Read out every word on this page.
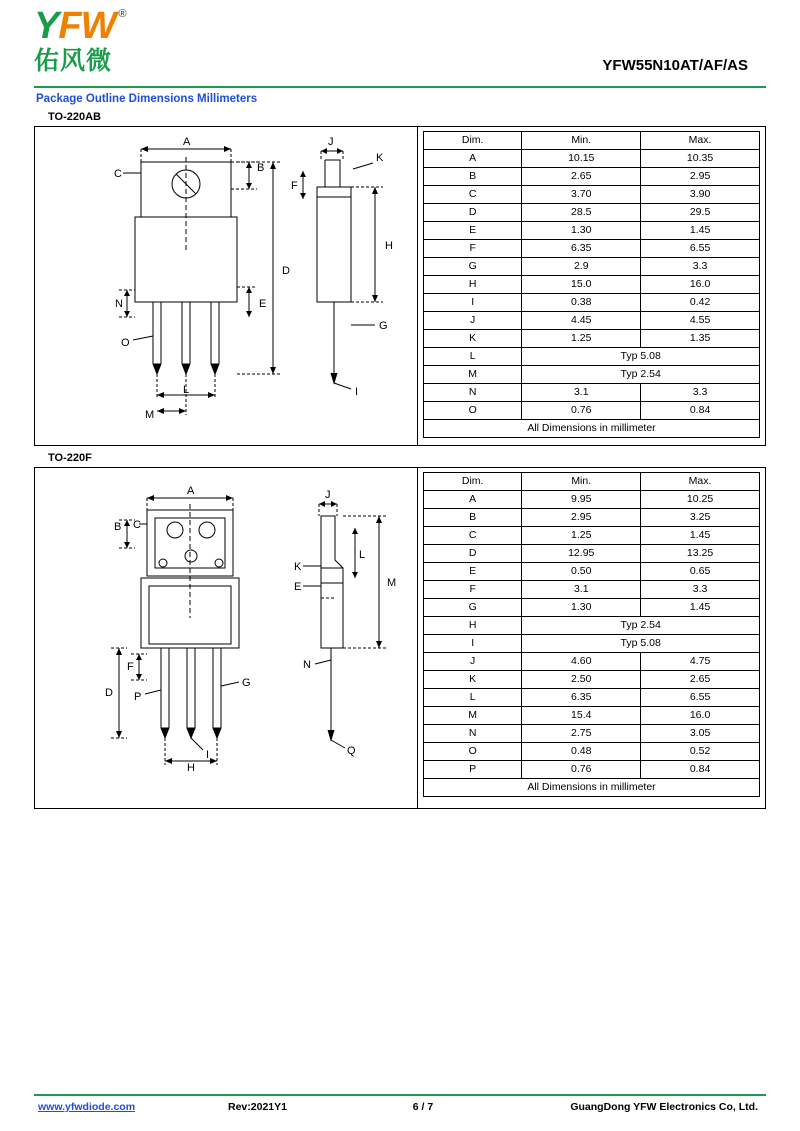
Y FW ®
佑风微	YFW55N10AT/AF/AS
Package Outline Dimensions Millimeters
TO-220AB
A
C	B
D
E
N
O
L
M
J
K
F
H
G
I
Dim.	Min.	Max.
A	10.15	10.35
B	2.65	2.95
C	3.70	3.90
D	28.5	29.5
E	1.30	1.45
F	6.35	6.55
G	2.9	3.3
H	15.0	16.0
I	0.38	0.42
J	4.45	4.55
K	1.25	1.35
L	Typ 5.08	
M	Typ 2.54	
N	3.1	3.3
O	0.76	0.84
All Dimensions in millimeter		
TO-220F
A
B C
D
F
P
G
H
I
J
K
E
L
M
N
Q
Dim.	Min.	Max.
A	9.95	10.25
B	2.95	3.25
C	1.25	1.45
D	12.95	13.25
E	0.50	0.65
F	3.1	3.3
G	1.30	1.45
H	Typ 2.54	
I	Typ 5.08	
J	4.60	4.75
K	2.50	2.65
L	6.35	6.55
M	15.4	16.0
N	2.75	3.05
O	0.48	0.52
P	0.76	0.84
All Dimensions in millimeter		
www.yfwdiode.com	Rev:2021Y1	6 / 7	GuangDong YFW Electronics Co, Ltd.
